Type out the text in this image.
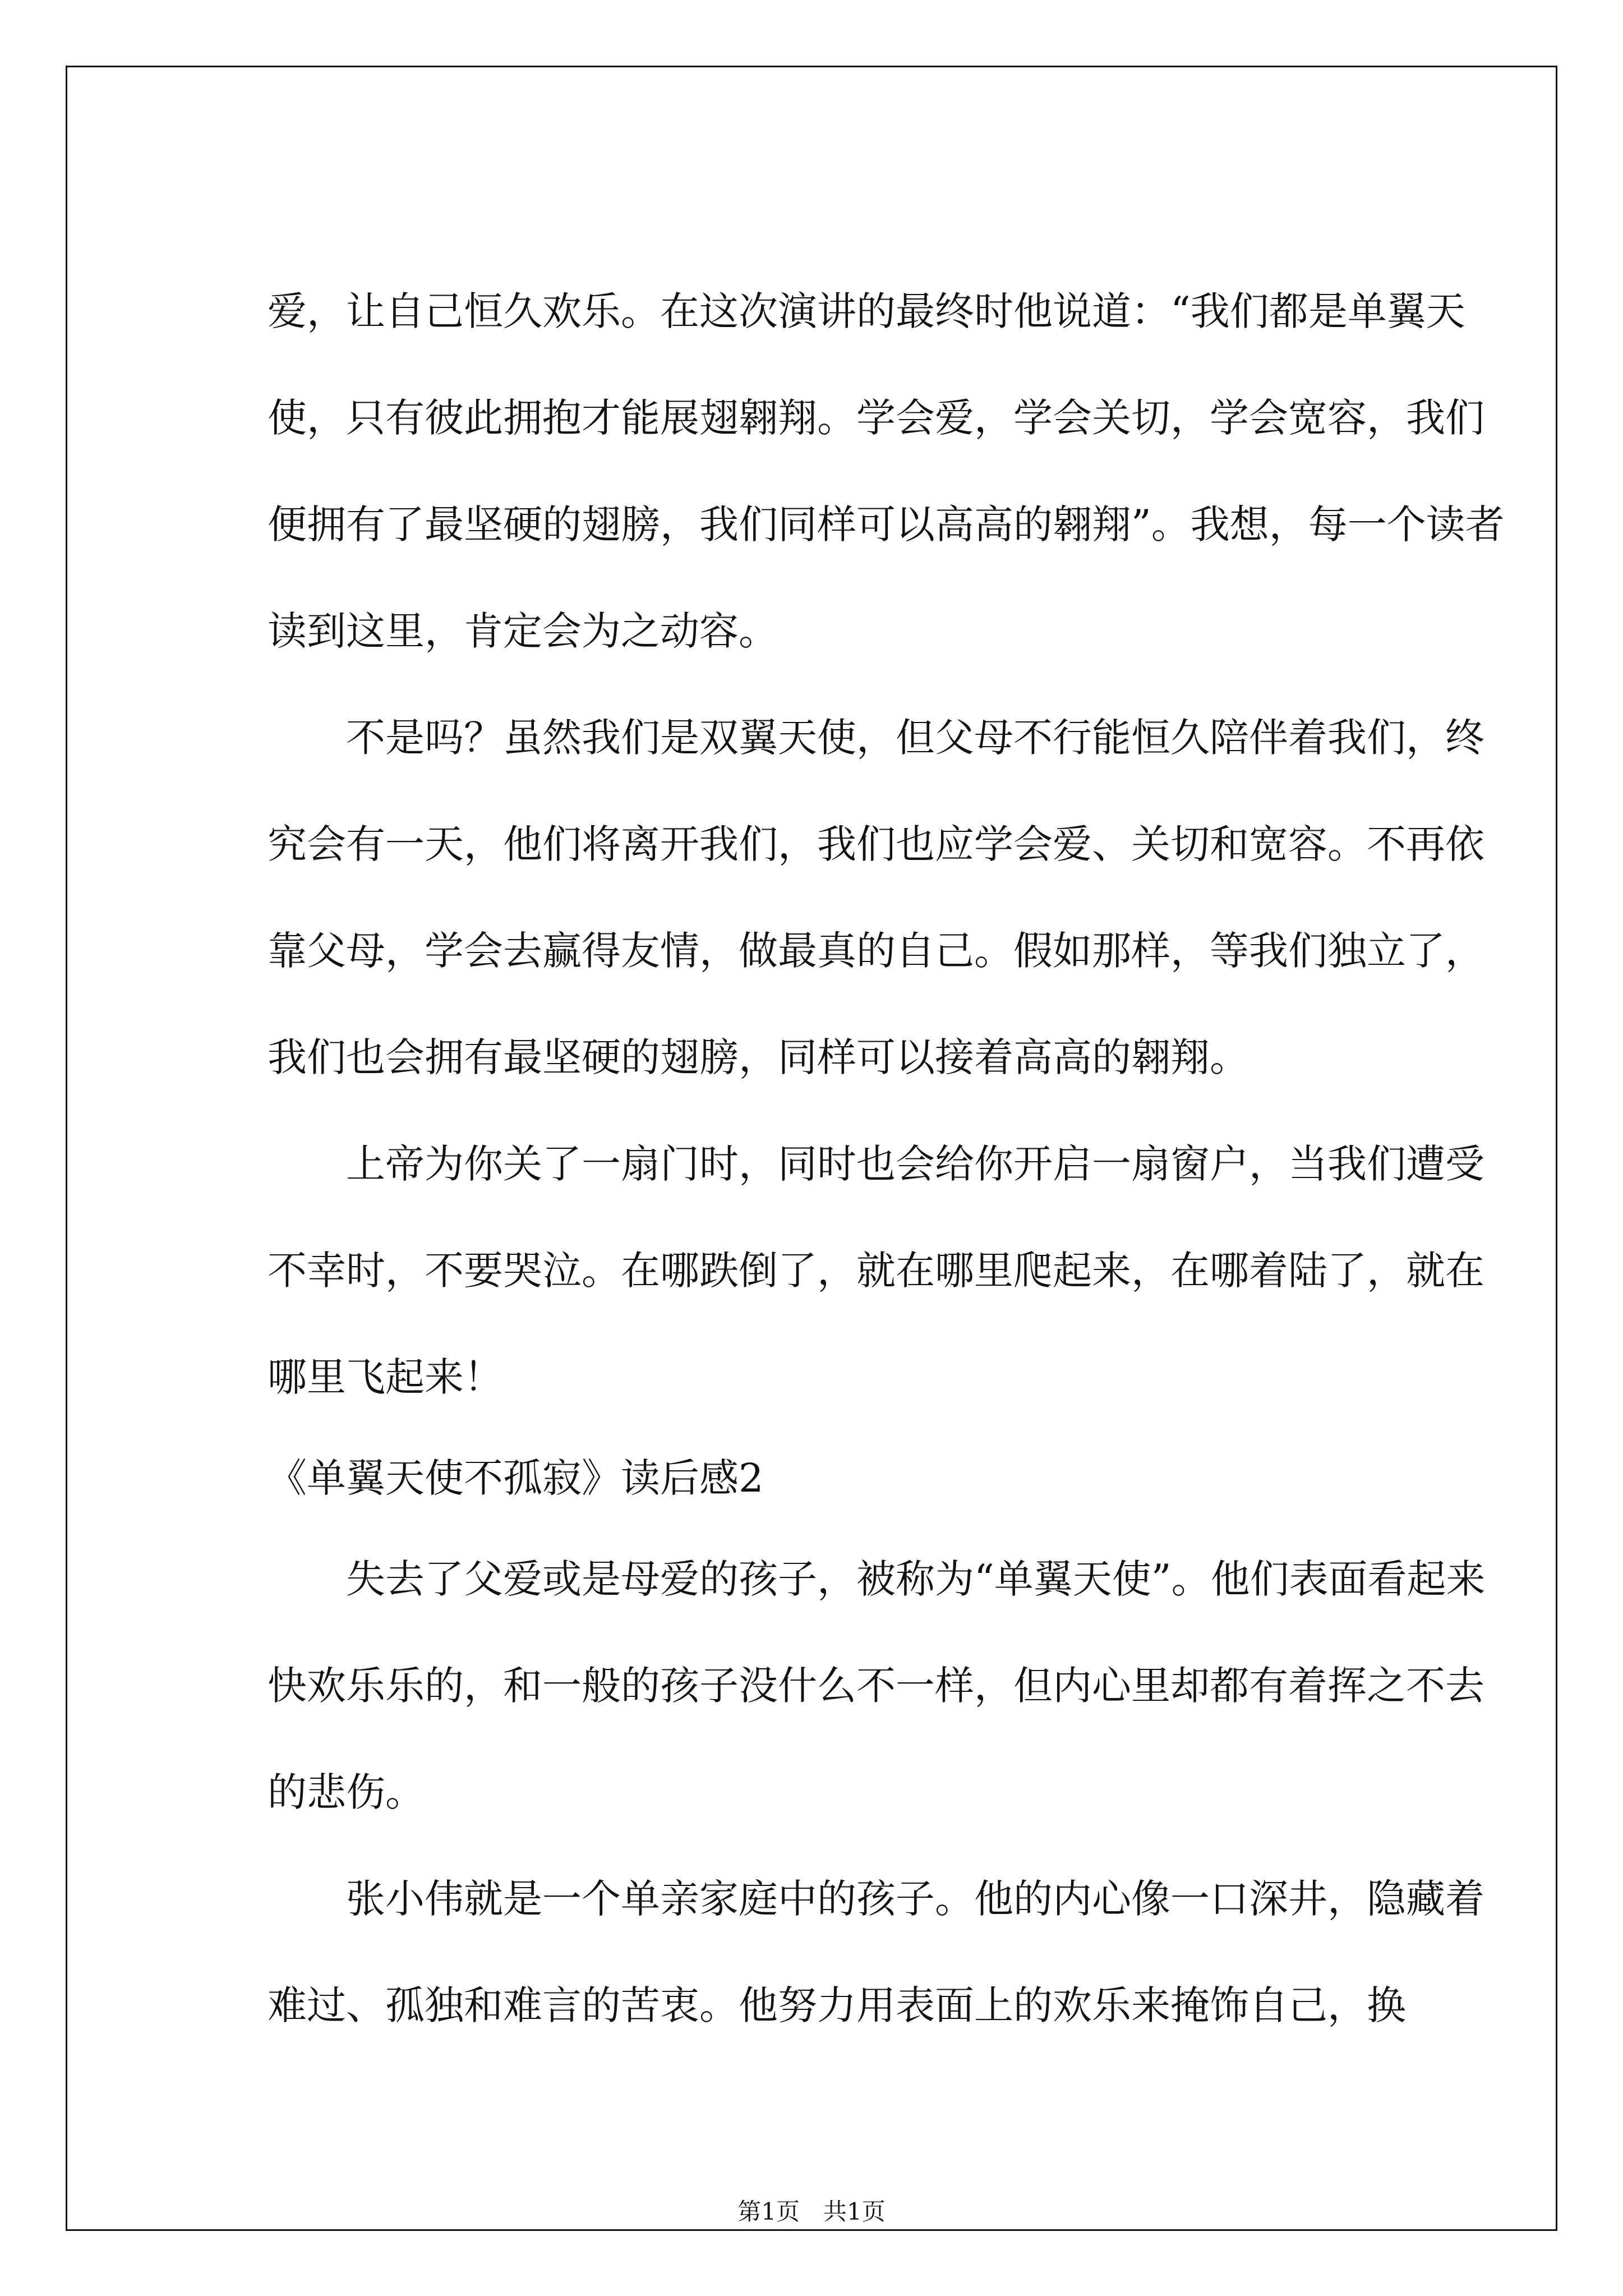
爱，让自己恒久欢乐。在这次演讲的最终时他说道：“我们都是单翼天使，只有彼此拥抱才能展翅翱翔。学会爱，学会关切，学会宽容，我们便拥有了最坚硬的翅膀，我们同样可以高高的翱翔”。我想，每一个读者读到这里，肯定会为之动容。

不是吗？虽然我们是双翼天使，但父母不行能恒久陪伴着我们，终究会有一天，他们将离开我们，我们也应学会爱、关切和宽容。不再依靠父母，学会去赢得友情，做最真的自己。假如那样，等我们独立了，我们也会拥有最坚硬的翅膀，同样可以接着高高的翱翔。

上帝为你关了一扇门时，同时也会给你开启一扇窗户，当我们遭受不幸时，不要哭泣。在哪跌倒了，就在哪里爬起来，在哪着陆了，就在哪里飞起来！

《单翼天使不孤寂》读后感2

失去了父爱或是母爱的孩子，被称为“单翼天使”。他们表面看起来快欢乐乐的，和一般的孩子没什么不一样，但内心里却都有着挥之不去的悲伤。

张小伟就是一个单亲家庭中的孩子。他的内心像一口深井，隐藏着难过、孤独和难言的苦衷。他努力用表面上的欢乐来掩饰自己，换

第1页　共1页
